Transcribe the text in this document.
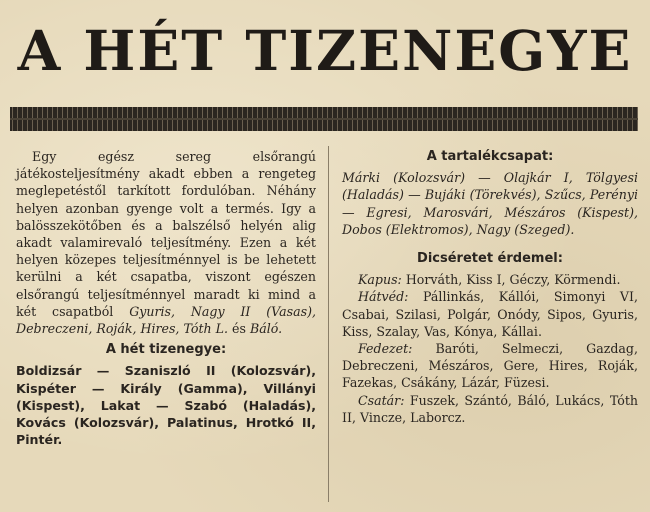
A HÉT TIZENEGYE

Egy egész sereg elsőrangú játékosteljesítmény akadt ebben a rengeteg meglepetéstől tarkított fordulóban. Néhány helyen azonban gyenge volt a termés. Igy a balösszekötőben és a balszélső helyén alig akadt valamirevaló teljesítmény. Ezen a két helyen közepes teljesítménnyel is be lehetett kerülni a két csapatba, viszont egészen elsőrangú teljesítménnyel maradt ki mind a két csapatból Gyuris, Nagy II (Vasas), Debreczeni, Roják, Hires, Tóth L. és Báló.

A hét tizenegye:

Boldizsár — Szaniszló II (Kolozsvár), Kispéter — Király (Gamma), Villányi (Kispest), Lakat — Szabó (Haladás), Kovács (Kolozsvár), Palatinus, Hrotkó II, Pintér.

A tartalékcsapat:

Márki (Kolozsvár) — Olajkár I, Tölgyesi (Haladás) — Bujáki (Törekvés), Szűcs, Perényi — Egresi, Marosvári, Mészáros (Kispest), Dobos (Elektromos), Nagy (Szeged).

Dicséretet érdemel:

Kapus: Horváth, Kiss I, Géczy, Körmendi.

Hátvéd: Pállinkás, Kállói, Simonyi VI, Csabai, Szilasi, Polgár, Onódy, Sipos, Gyuris, Kiss, Szalay, Vas, Kónya, Kállai.

Fedezet: Baróti, Selmeczi, Gazdag, Debreczeni, Mészáros, Gere, Hires, Roják, Fazekas, Csákány, Lázár, Füzesi.

Csatár: Fuszek, Szántó, Báló, Lukács, Tóth II, Vincze, Laborcz.
